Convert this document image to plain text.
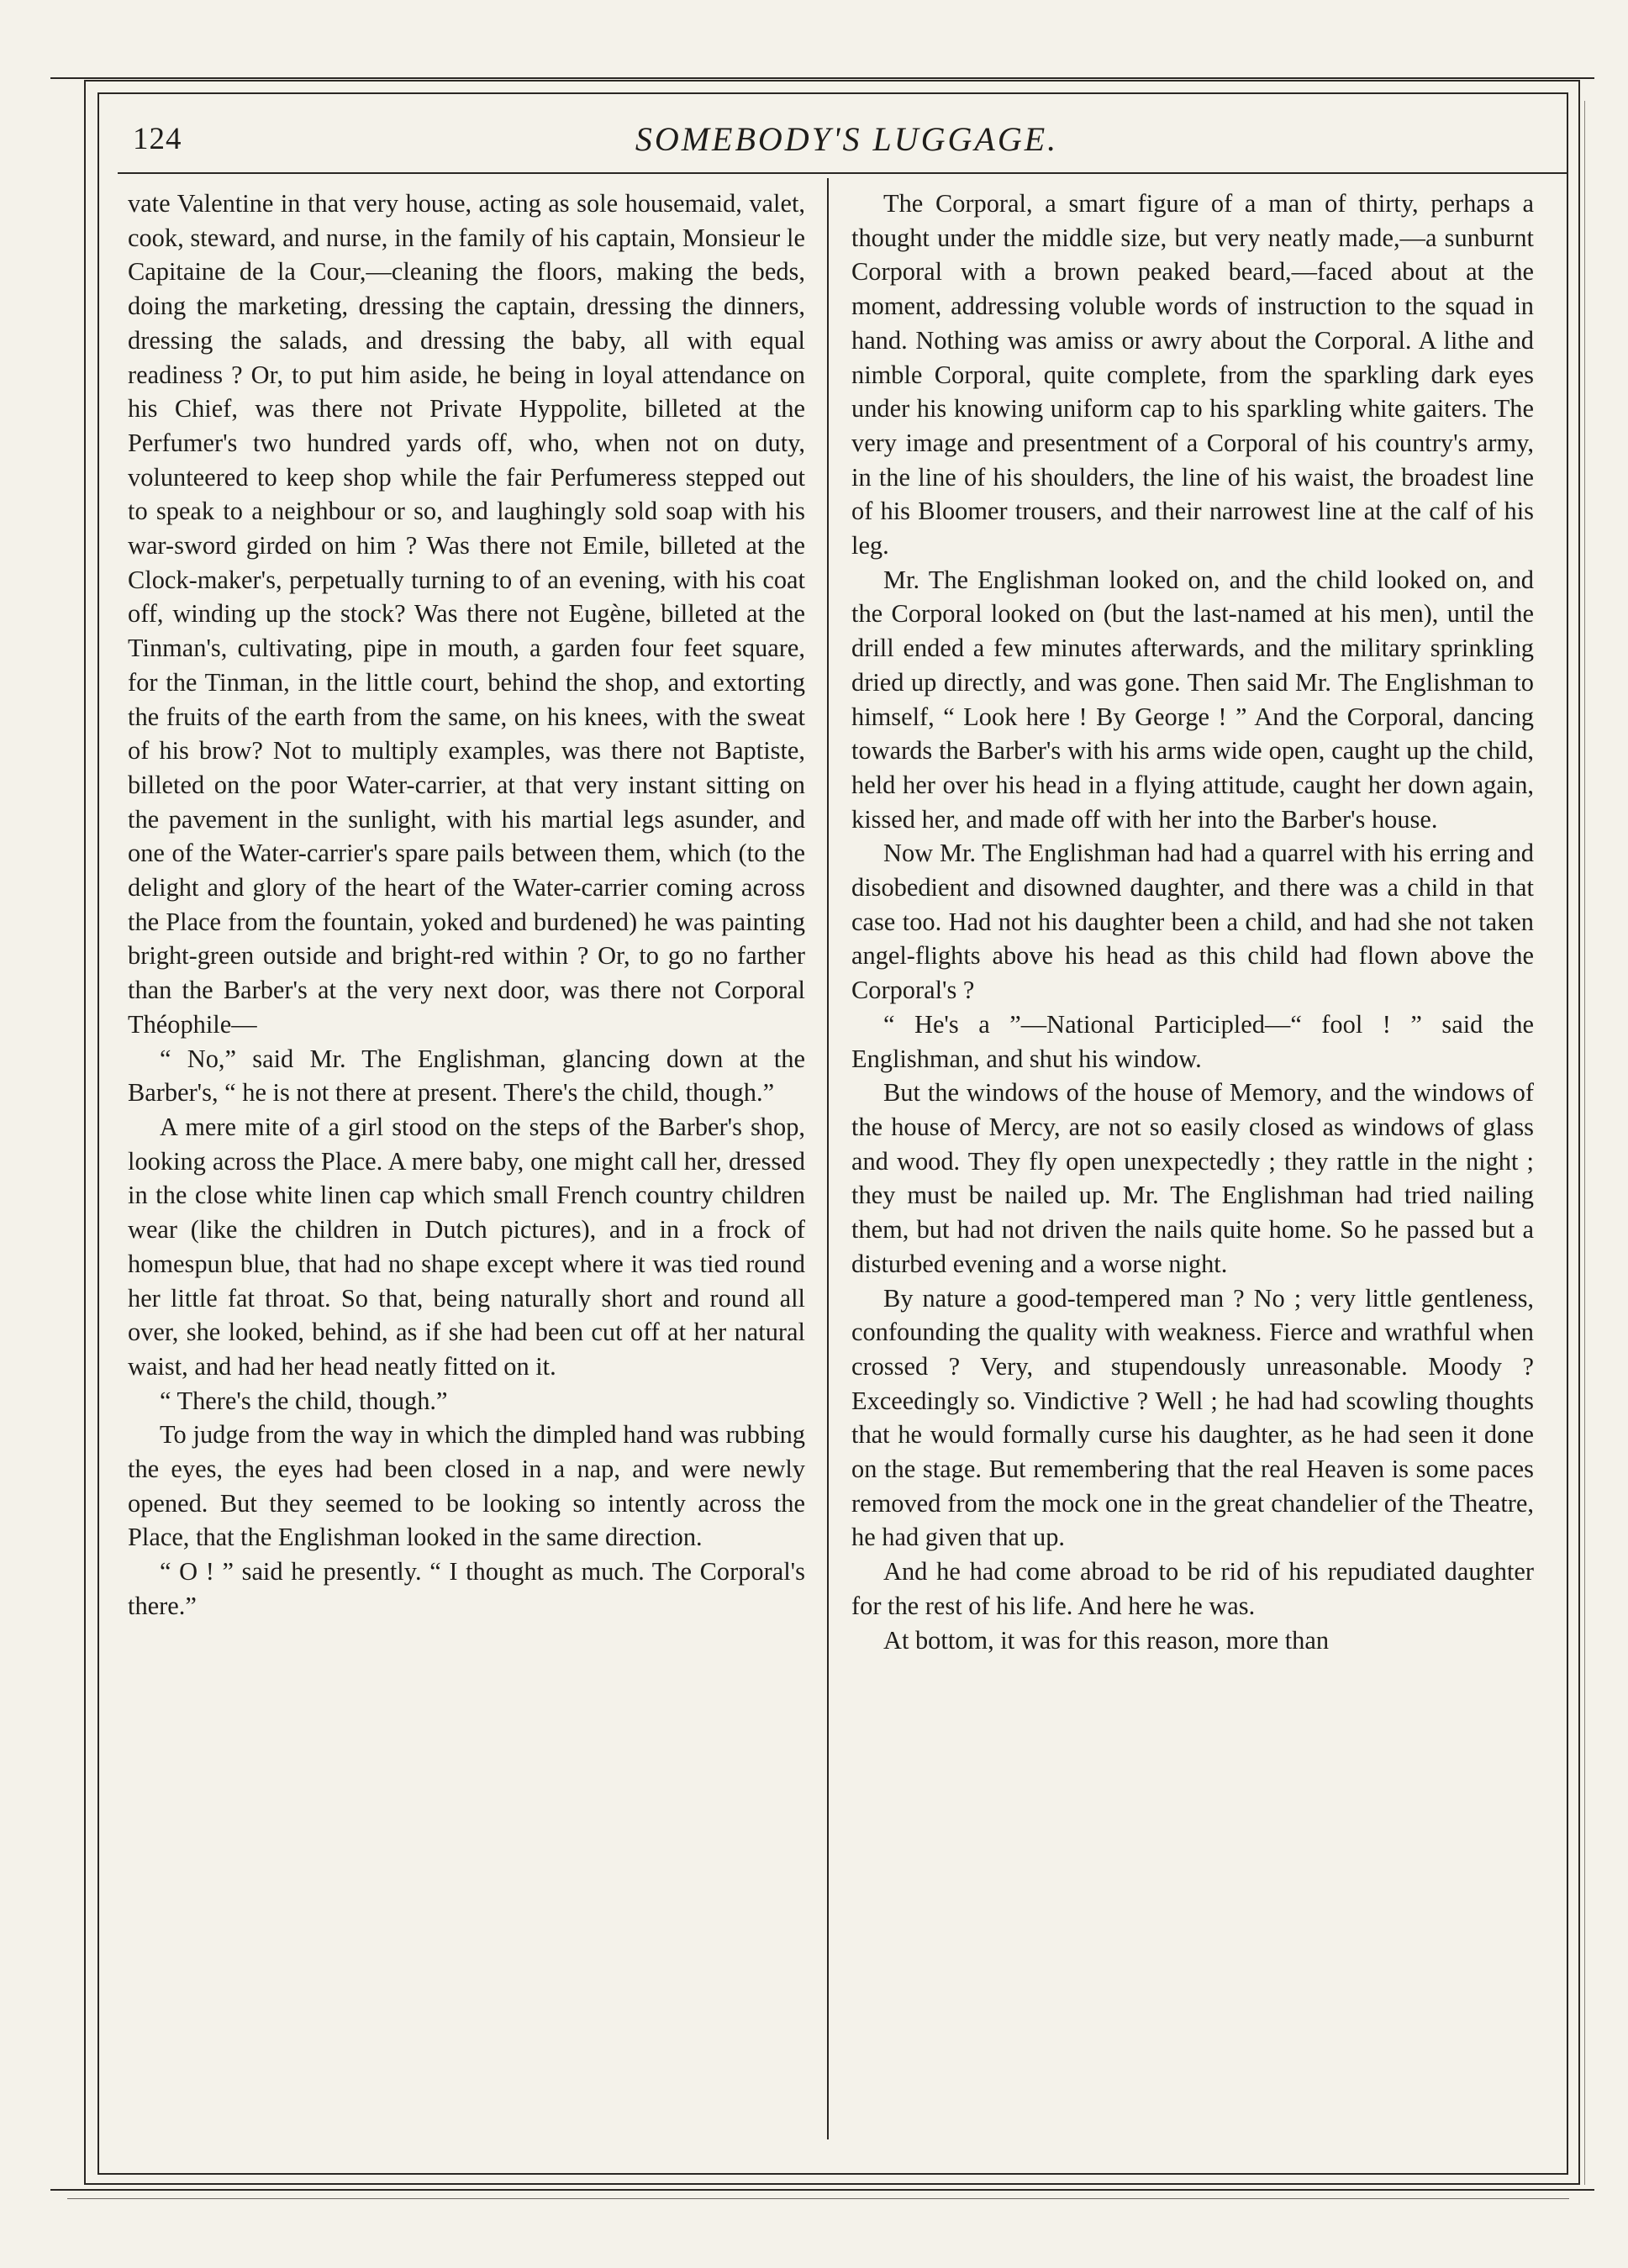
124	SOMEBODY'S LUGGAGE.

vate Valentine in that very house, acting as sole housemaid, valet, cook, steward, and nurse, in the family of his captain, Monsieur le Capitaine de la Cour,—cleaning the floors, making the beds, doing the marketing, dressing the captain, dressing the dinners, dressing the salads, and dressing the baby, all with equal readiness ? Or, to put him aside, he being in loyal attendance on his Chief, was there not Private Hyppolite, billeted at the Perfumer's two hundred yards off, who, when not on duty, volunteered to keep shop while the fair Perfumeress stepped out to speak to a neighbour or so, and laughingly sold soap with his war-sword girded on him ? Was there not Emile, billeted at the Clock-maker's, perpetually turning to of an evening, with his coat off, winding up the stock? Was there not Eugène, billeted at the Tinman's, cultivating, pipe in mouth, a garden four feet square, for the Tinman, in the little court, behind the shop, and extorting the fruits of the earth from the same, on his knees, with the sweat of his brow? Not to multiply examples, was there not Baptiste, billeted on the poor Water-carrier, at that very instant sitting on the pavement in the sunlight, with his martial legs asunder, and one of the Water-carrier's spare pails between them, which (to the delight and glory of the heart of the Water-carrier coming across the Place from the fountain, yoked and burdened) he was painting bright-green outside and bright-red within ? Or, to go no farther than the Barber's at the very next door, was there not Corporal Théophile—

“ No,” said Mr. The Englishman, glancing down at the Barber's, “ he is not there at present. There's the child, though.”

A mere mite of a girl stood on the steps of the Barber's shop, looking across the Place. A mere baby, one might call her, dressed in the close white linen cap which small French country children wear (like the children in Dutch pictures), and in a frock of homespun blue, that had no shape except where it was tied round her little fat throat. So that, being naturally short and round all over, she looked, behind, as if she had been cut off at her natural waist, and had her head neatly fitted on it.

“ There's the child, though.”

To judge from the way in which the dimpled hand was rubbing the eyes, the eyes had been closed in a nap, and were newly opened. But they seemed to be looking so intently across the Place, that the Englishman looked in the same direction.

“ O ! ” said he presently. “ I thought as much. The Corporal's there.”

The Corporal, a smart figure of a man of thirty, perhaps a thought under the middle size, but very neatly made,—a sunburnt Corporal with a brown peaked beard,—faced about at the moment, addressing voluble words of instruction to the squad in hand. Nothing was amiss or awry about the Corporal. A lithe and nimble Corporal, quite complete, from the sparkling dark eyes under his knowing uniform cap to his sparkling white gaiters. The very image and presentment of a Corporal of his country's army, in the line of his shoulders, the line of his waist, the broadest line of his Bloomer trousers, and their narrowest line at the calf of his leg.

Mr. The Englishman looked on, and the child looked on, and the Corporal looked on (but the last-named at his men), until the drill ended a few minutes afterwards, and the military sprinkling dried up directly, and was gone. Then said Mr. The Englishman to himself, “ Look here ! By George ! ” And the Corporal, dancing towards the Barber's with his arms wide open, caught up the child, held her over his head in a flying attitude, caught her down again, kissed her, and made off with her into the Barber's house.

Now Mr. The Englishman had had a quarrel with his erring and disobedient and disowned daughter, and there was a child in that case too. Had not his daughter been a child, and had she not taken angel-flights above his head as this child had flown above the Corporal's ?

“ He's a ”—National Participled—“ fool ! ” said the Englishman, and shut his window.

But the windows of the house of Memory, and the windows of the house of Mercy, are not so easily closed as windows of glass and wood. They fly open unexpectedly ; they rattle in the night ; they must be nailed up. Mr. The Englishman had tried nailing them, but had not driven the nails quite home. So he passed but a disturbed evening and a worse night.

By nature a good-tempered man ? No ; very little gentleness, confounding the quality with weakness. Fierce and wrathful when crossed ? Very, and stupendously unreasonable. Moody ? Exceedingly so. Vindictive ? Well ; he had had scowling thoughts that he would formally curse his daughter, as he had seen it done on the stage. But remembering that the real Heaven is some paces removed from the mock one in the great chandelier of the Theatre, he had given that up.

And he had come abroad to be rid of his repudiated daughter for the rest of his life. And here he was.

At bottom, it was for this reason, more than
